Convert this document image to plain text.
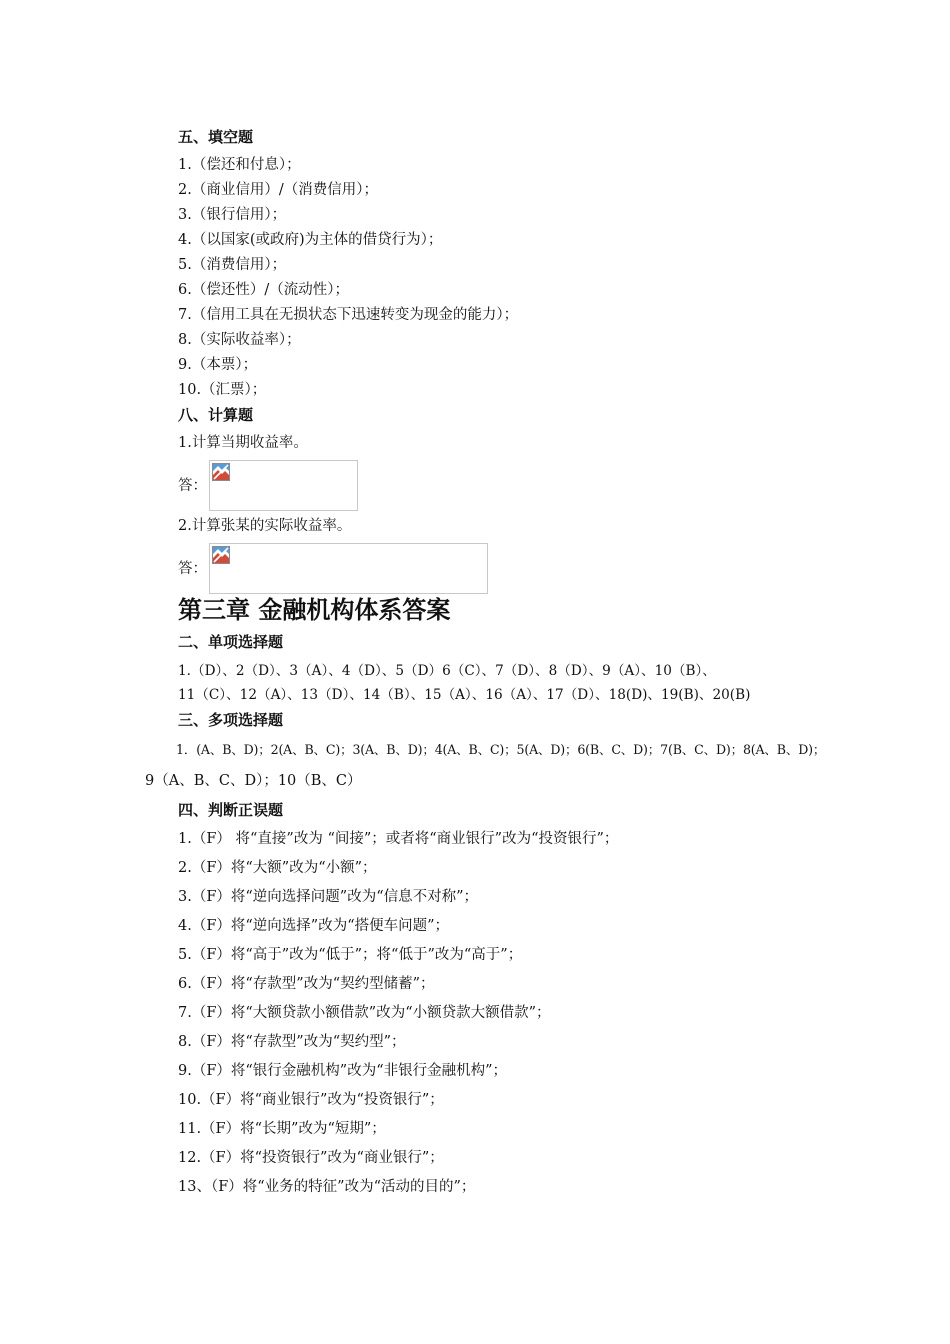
五、填空题
1.（偿还和付息）；
2.（商业信用）/（消费信用）；
3.（银行信用）；
4.（以国家(或政府)为主体的借贷行为）；
5.（消费信用）；
6.（偿还性）/（流动性）；
7.（信用工具在无损状态下迅速转变为现金的能力）；
8.（实际收益率）；
9.（本票）；
10.（汇票）；
八、计算题
1.计算当期收益率。
答：
2.计算张某的实际收益率。
答：
第三章 金融机构体系答案
二、单项选择题
1.（D）、2（D）、3（A）、4（D）、5（D）6（C）、7（D）、8（D）、9（A）、10（B）、
11（C）、12（A）、13（D）、14（B）、15（A）、16（A）、17（D）、18(D)、19(B)、20(B)
三、多项选择题
1．(A、B、D)；2(A、B、C)；3(A、B、D)；4(A、B、C)；5(A、D)；6(B、C、D)；7(B、C、D)；8(A、B、D)；
9（A、B、C、D）；10（B、C）
四、判断正误题
1.（F） 将“直接”改为 “间接”；或者将“商业银行”改为“投资银行”；
2.（F）将“大额”改为“小额”；
3.（F）将“逆向选择问题”改为“信息不对称”；
4.（F）将“逆向选择”改为“搭便车问题”；
5.（F）将“高于”改为“低于”；将“低于”改为“高于”；
6.（F）将“存款型”改为“契约型储蓄”；
7.（F）将“大额贷款小额借款”改为“小额贷款大额借款”；
8.（F）将“存款型”改为“契约型”；
9.（F）将“银行金融机构”改为“非银行金融机构”；
10.（F）将“商业银行”改为“投资银行”；
11.（F）将“长期”改为“短期”；
12.（F）将“投资银行”改为“商业银行”；
13、（F）将“业务的特征”改为“活动的目的”；
